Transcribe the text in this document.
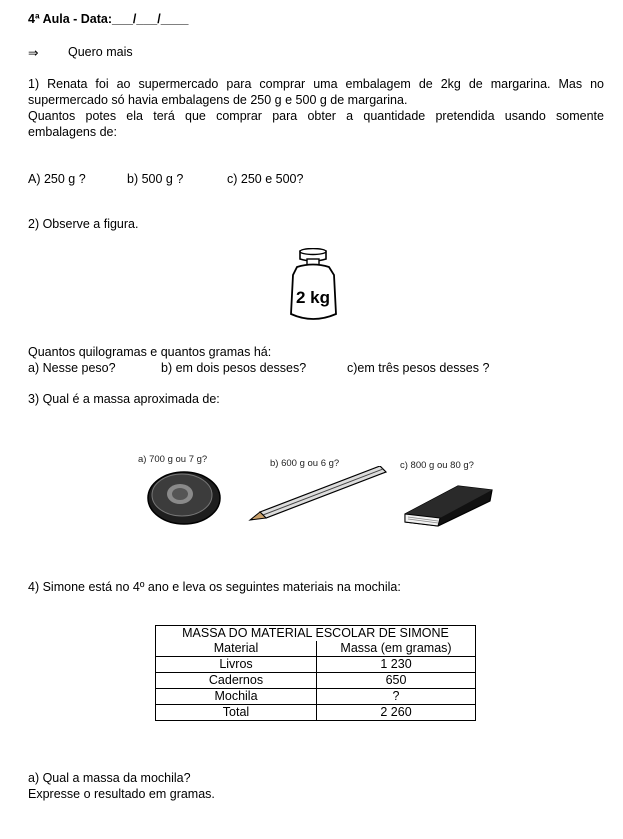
4ª Aula - Data:___/___/____
⇒ Quero mais
1) Renata foi ao supermercado para comprar uma embalagem de 2kg de margarina. Mas no
supermercado só havia embalagens de 250 g e 500 g de margarina.
Quantos potes ela terá que comprar para obter a quantidade pretendida usando somente
embalagens de:
A) 250 g ?	b) 500 g ?	c) 250 e 500?
2) Observe a figura.
2 kg
Quantos quilogramas e quantos gramas há:
a) Nesse peso?	b) em dois pesos desses?	c)em três pesos desses ?
3) Qual é a massa aproximada de:
a) 700 g ou 7 g?	b) 600 g ou 6 g?	c) 800 g ou 80 g?
4) Simone está no 4º ano e leva os seguintes materiais na mochila:
MASSA DO MATERIAL ESCOLAR DE SIMONE	
Material	Massa (em gramas)
Livros	1 230
Cadernos	650
Mochila	?
Total	2 260
a) Qual a massa da mochila?
Expresse o resultado em gramas.
